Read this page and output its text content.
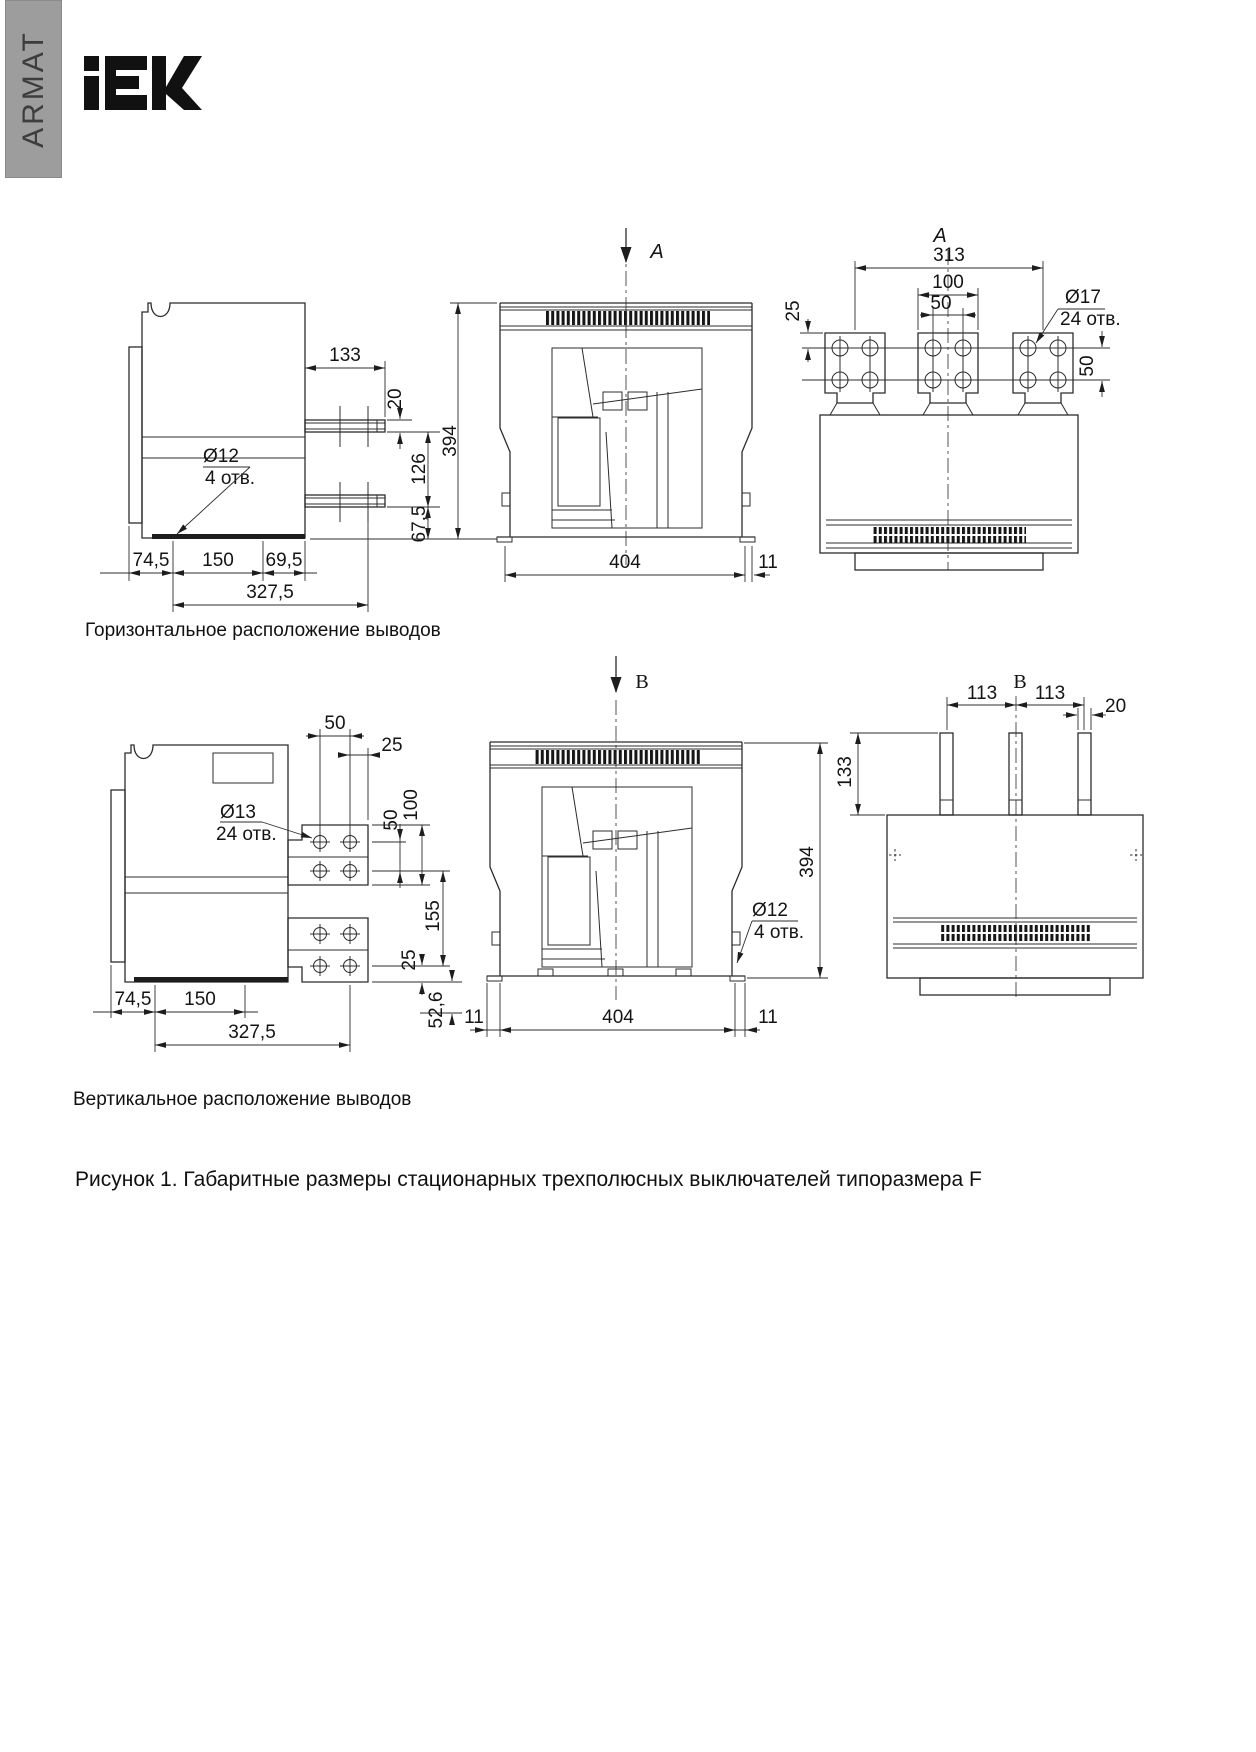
ARMAT
133
20
126
67,5
394
Ø12
4 отв.
74,5 150 69,5
327,5
A
404	11
A
313
100
50
25
Ø17
24 отв.
50
Горизонтальное расположение выводов
50
25
Ø13
24 отв.
50 100
155
25
52,6
74,5 150
327,5
B
394
Ø12
4 отв.
11	404	11
B
113 113
20
133
Вертикальное расположение выводов
Рисунок 1. Габаритные размеры стационарных трехполюсных выключателей типоразмера F
